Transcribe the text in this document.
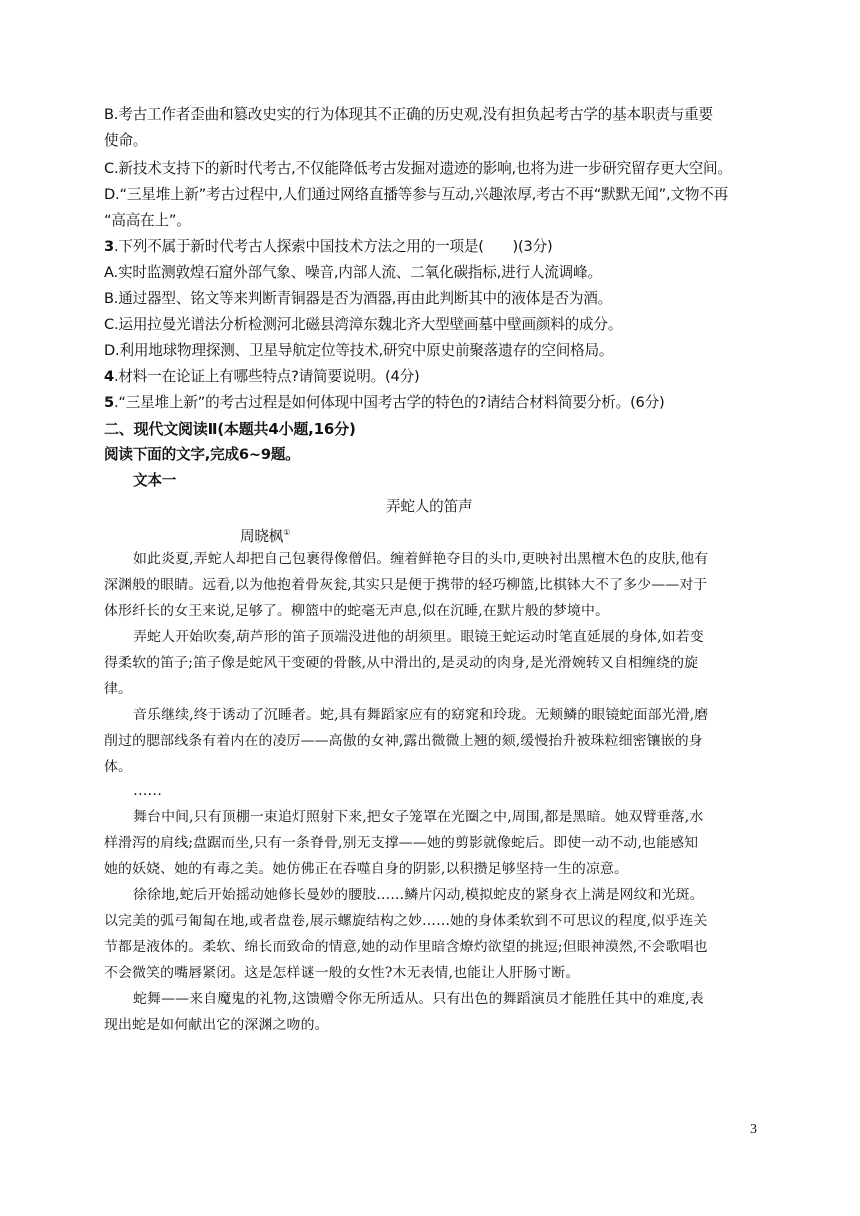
B.考古工作者歪曲和篡改史实的行为体现其不正确的历史观,没有担负起考古学的基本职责与重要
使命。
C.新技术支持下的新时代考古,不仅能降低考古发掘对遗迹的影响,也将为进一步研究留存更大空间。
D.“三星堆上新”考古过程中,人们通过网络直播等参与互动,兴趣浓厚,考古不再“默默无闻”,文物不再
“高高在上”。
3.下列不属于新时代考古人探索中国技术方法之用的一项是(　　)(3分)
A.实时监测敦煌石窟外部气象、噪音,内部人流、二氧化碳指标,进行人流调峰。
B.通过器型、铭文等来判断青铜器是否为酒器,再由此判断其中的液体是否为酒。
C.运用拉曼光谱法分析检测河北磁县湾漳东魏北齐大型壁画墓中壁画颜料的成分。
D.利用地球物理探测、卫星导航定位等技术,研究中原史前聚落遗存的空间格局。
4.材料一在论证上有哪些特点?请简要说明。(4分)
5.“三星堆上新”的考古过程是如何体现中国考古学的特色的?请结合材料简要分析。(6分)
二、现代文阅读Ⅱ(本题共4小题,16分)
阅读下面的文字,完成6~9题。
文本一
弄蛇人的笛声
周晓枫①
如此炎夏,弄蛇人却把自己包裹得像僧侣。缠着鲜艳夺目的头巾,更映衬出黑檀木色的皮肤,他有
深渊般的眼睛。远看,以为他抱着骨灰瓮,其实只是便于携带的轻巧柳篮,比棋钵大不了多少——对于
体形纤长的女王来说,足够了。柳篮中的蛇毫无声息,似在沉睡,在默片般的梦境中。
弄蛇人开始吹奏,葫芦形的笛子顶端没进他的胡须里。眼镜王蛇运动时笔直延展的身体,如若变
得柔软的笛子;笛子像是蛇风干变硬的骨骸,从中滑出的,是灵动的肉身,是光滑婉转又自相缠绕的旋
律。
音乐继续,终于诱动了沉睡者。蛇,具有舞蹈家应有的窈窕和玲珑。无颊鳞的眼镜蛇面部光滑,磨
削过的腮部线条有着内在的凌厉——高傲的女神,露出微微上翘的颏,缓慢抬升被珠粒细密镶嵌的身
体。
……
舞台中间,只有顶棚一束追灯照射下来,把女子笼罩在光圈之中,周围,都是黑暗。她双臂垂落,水
样滑泻的肩线;盘踞而坐,只有一条脊骨,别无支撑——她的剪影就像蛇后。即使一动不动,也能感知
她的妖娆、她的有毒之美。她仿佛正在吞噬自身的阴影,以积攒足够坚持一生的凉意。
徐徐地,蛇后开始摇动她修长曼妙的腰肢……鳞片闪动,模拟蛇皮的紧身衣上满是网纹和光斑。
以完美的弧弓匍匐在地,或者盘卷,展示螺旋结构之妙……她的身体柔软到不可思议的程度,似乎连关
节都是液体的。柔软、绵长而致命的情意,她的动作里暗含燎灼欲望的挑逗;但眼神漠然,不会歌唱也
不会微笑的嘴唇紧闭。这是怎样谜一般的女性?木无表情,也能让人肝肠寸断。
蛇舞——来自魔鬼的礼物,这馈赠令你无所适从。只有出色的舞蹈演员才能胜任其中的难度,表
现出蛇是如何献出它的深渊之吻的。
3
